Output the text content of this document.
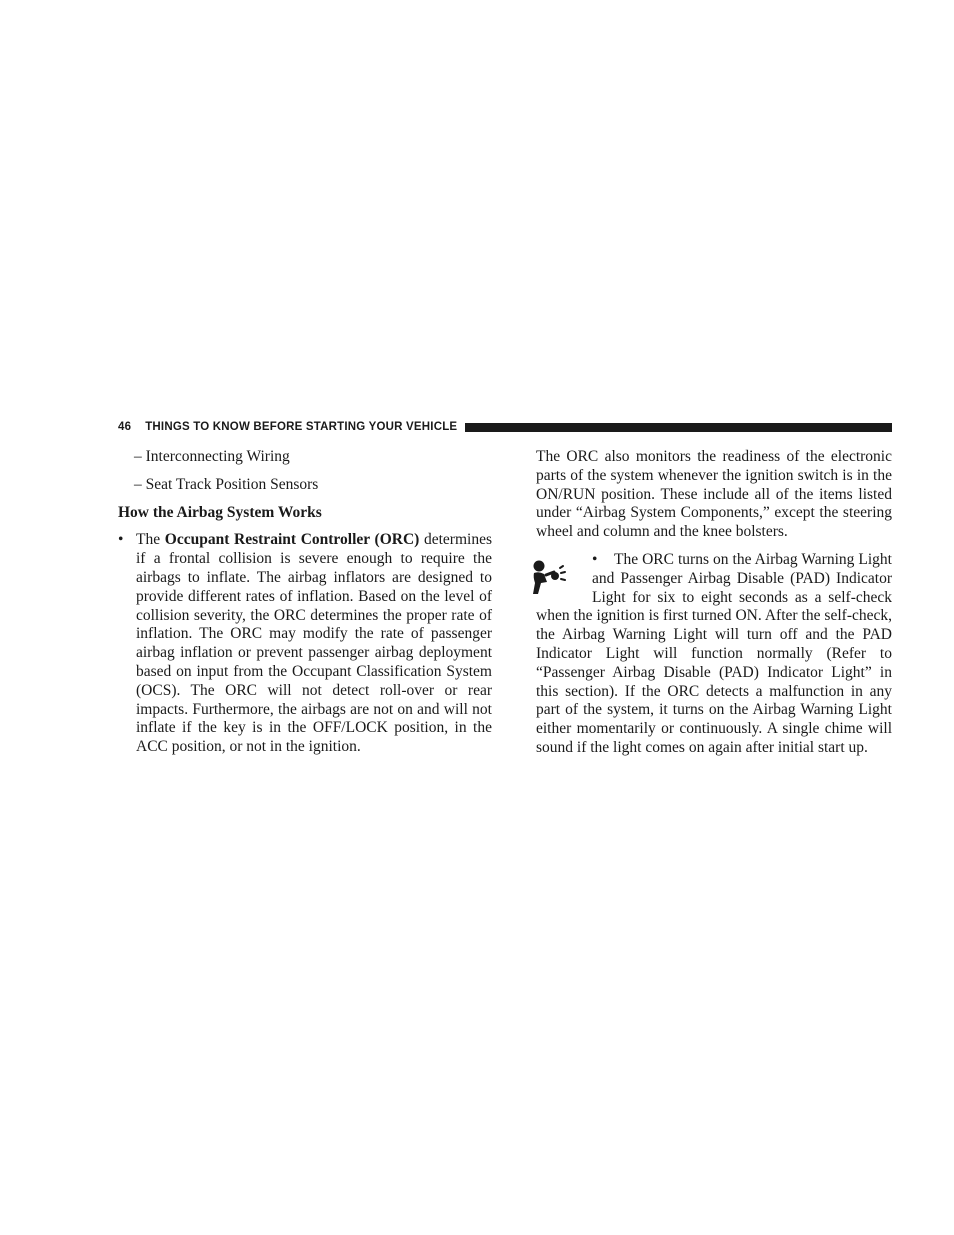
46 THINGS TO KNOW BEFORE STARTING YOUR VEHICLE

– Interconnecting Wiring

– Seat Track Position Sensors

How the Airbag System Works

• The Occupant Restraint Controller (ORC) determines if a frontal collision is severe enough to require the airbags to inflate. The airbag inflators are designed to provide different rates of inflation. Based on the level of collision severity, the ORC determines the proper rate of inflation. The ORC may modify the rate of passenger airbag inflation or prevent passenger airbag deployment based on input from the Occupant Classification System (OCS). The ORC will not detect roll-over or rear impacts. Furthermore, the airbags are not on and will not inflate if the key is in the OFF/LOCK position, in the ACC position, or not in the ignition.

The ORC also monitors the readiness of the electronic parts of the system whenever the ignition switch is in the ON/RUN position. These include all of the items listed under “Airbag System Components,” except the steering wheel and column and the knee bolsters.

• The ORC turns on the Airbag Warning Light and Passenger Airbag Disable (PAD) Indicator Light for six to eight seconds as a self-check when the ignition is first turned ON. After the self-check, the Airbag Warning Light will turn off and the PAD Indicator Light will function normally (Refer to “Passenger Airbag Disable (PAD) Indicator Light” in this section). If the ORC detects a malfunction in any part of the system, it turns on the Airbag Warning Light either momentarily or continuously. A single chime will sound if the light comes on again after initial start up.
